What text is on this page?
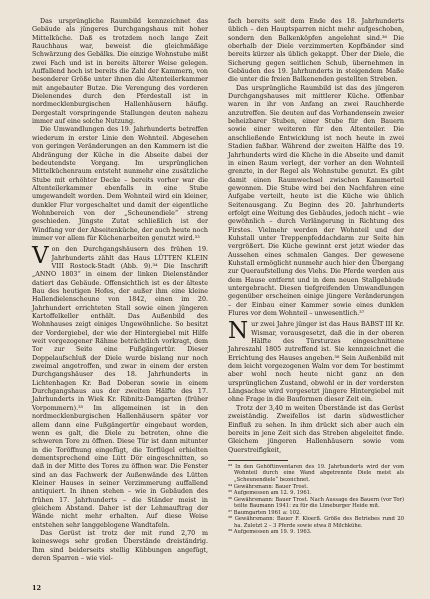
Das ursprüngliche Raumbild kennzeichnet das Gebäude als jüngeres Durchgangshaus mit hoher Mittelküche. Daß es trotzdem noch lange Zeit Rauchhaus war, beweist die gleichmäßige Schwärzung des Gebälks. Die einzige Wohnstube mißt zwei Fach und ist in bereits älterer Weise gelegen. Auffallend hoch ist bereits die Zahl der Kammern, von besonderer Größe unter ihnen die Altenteilerkammer mit angebauter Butze. Die Verengung des vorderen Dielenendes durch den Pferdestall ist in nordmecklenburgischen Hallenhäusern häufig. Dergestalt vorspringende Stallungen deuten nahezu immer auf eine solche Nutzung.

Die Umwandlungen des 19. Jahrhunderts betreffen wiederum in erster Linie den Wohnteil. Abgesehen von geringen Veränderungen an den Kammern ist die Abdrängung der Küche in die Abseite dabei der bedeutendste Vorgang. Im ursprünglichen Mittelküchenraum entsteht nunmehr eine zusätzliche Stube mit erhöhter Decke – bereits vorher war die Altenteilerkammer ebenfalls in eine Stube umgewandelt worden. Dem Wohnteil wird ein kleiner, dunkler Flur vorgeschaltet und damit der eigentliche Wohnbereich von der „Scheunendiele“ streng geschieden. Jüngste Zutat schließlich ist der Windfang vor der Abseitenküche, der auch heute noch immer vor allem für Küchenarbeiten genutzt wird.³³

Von den Durchgangshäusern des frühen 19. Jahrhunderts zählt das Haus LÜTTEN KLEIN VIII Rostock-Stadt (Abb. 9).³⁴ Die Inschrift „ANNO 1803“ in einem der linken Dielenständer datiert das Gebäude. Offensichtlich ist es der älteste Bau des heutigen Hofes, der außer ihm eine kleine Hallendielenscheune von 1842, einen im 20. Jahrhundert errichteten Stall sowie einen jüngeren Kartoffelkeller enthält. Das Außenbild des Wohnhauses zeigt einiges Ungewöhnliche. So besitzt der Vordergiebel, der wie der Hintergiebel mit Hilfe weit vorgezogener Rähme beträchtlich vorkragt, dem Tor zur Seite eine Fußgängertür. Dieser Doppelaufschluß der Diele wurde bislang nur noch zweimal angetroffen, und zwar in einem der ersten Durchgangshäuser des 18. Jahrhunderts in Lichtenhagen Kr. Bad Doberan sowie in einem Durchgangshaus aus der zweiten Hälfte des 17. Jahrhunderts in Wiek Kr. Ribnitz-Damgarten (früher Vorpommern).³⁵ Im allgemeinen ist in den nordmecklenburgischen Hallenhäusern später vor allem dann eine Fußgängertür eingebaut worden, wenn es galt, die Diele zu betreten, ohne die schweren Tore zu öffnen. Diese Tür ist dann mitunter in die Toröffnung eingefügt, die Torflügel erhielten dementsprechend eine Lütt Dör eingeschnitten, so daß in der Mitte des Tores zu öffnen war. Die Fenster sind an das Fachwerk der Außenwände des Lütten Kleiner Hauses in seiner Verzimmerung auffallend antiquiert. In ihnen stehen – wie in Gebäuden des frühen 17. Jahrhunderts – die Ständer meist in gleichem Abstand. Daher ist der Lehmauftrag der Wände nicht mehr erhalten. Auf diese Weise entstehen sehr langgeblogene Wandtafeln.

Das Gerüst ist trotz der mit rund 2,70 m keineswegs sehr großen Überstände dreiständrig. Ihm sind beiderseits stellig Kübbungen angefügt, deren Sparren – wie viel-

fach bereits seit dem Ende des 18. Jahrhunderts üblich – den Hauptsparren nicht mehr aufgeschoben, sondern den Balkenköpfen angelehnt sind.³⁶ Die oberhalb der Diele verzimmerten Kopfbänder sind bereits kürzer als üblich gekappt. Über der Diele, die Sicherung gegen seitlichen Schub, übernehmen in Gebäuden des 19. Jahrhunderts in steigendem Maße die unter die freien Balkenenden gestellten Streben.

Das ursprüngliche Raumbild ist das des jüngeren Durchgangshauses mit mittlerer Küche. Offenbar waren in ihr von Anfang an zwei Rauchherde anzutreffen. Sie deuten auf das Vorhandensein zweier beheizbarer Stuben, einer Stube für den Bauern sowie einer weiteren für den Altenteiler. Die anschließende Entwicklung ist noch heute in zwei Stadien faßbar. Während der zweiten Hälfte des 19. Jahrhunderts wird die Küche in die Abseite und damit in einen Raum verlegt, der vorher an den Wohnteil grenzte, in der Regel als Wohnstube genutzt. Es gibt damit einen Raumwechsel zwischen Kammerteil gewonnen. Die Stube wird bei den Nachfahren eine Aufgabe verteilt, heute ist die Küche wie üblich Seitenausgang. Zu Beginn des 20. Jahrhunderts erfolgt eine Weitung des Gebäudes, jedoch nicht – wie gewöhnlich – durch Verlängerung in Richtung des Firstes. Vielmehr werden der Wohnteil und der Kuhstall unter Treppenpfeddachdarm zur Seite hin vergrößert. Die Küche gewinnt erst jetzt wieder das Aussehen eines schmalen Ganges. Der gewesene Kuhstall ermöglicht nunmehr auch hier den Übergang zur Queraufstellung des Viehs. Die Pferde werden aus dem Hause entfernt und in dem neuen Stallgebäude untergebracht. Diesen tiefgreifenden Umwandlungen gegenüber erscheinen einige jüngere Veränderungen – der Einbau einer Kammer sowie eines dunklen Flures vor dem Wohnteil – unwesentlich.³⁷

Nur zwei Jahre jünger ist das Haus BABST III Kr. Wismar, vorausgesetzt, daß die in der oberen Hälfte des Türsturzes eingeschnittene Jahreszahl 1805 zutreffend ist. Sie kennzeichnet die Errichtung des Hauses angeben.³⁸ Sein Außenbild mit dem leicht vorgezogenen Walm vor dem Tor bestimmt aber wohl noch heute nicht ganz an den ursprünglichen Zustand, obwohl er in der vordersten Längsachse wird vorgesetzt jüngere Hintergiebel mit ohne Frage in die Bauformen dieser Zeit ein.

Trotz der 3,40 m weiten Überstände ist das Gerüst zweiständig. Zweifellos ist darin südwestlicher Einfluß zu sehen. In ihm drückt sich aber auch ein bereits in jene Zeit sich das Streben abgeleitet finde. Gleichem jüngeren Hallenhäusern sowie vom Querstreifigkeit,

³³ In den Gehöftinventaren des 19. Jahrhunderts wird der vom Wohnteil durch eine Wand abgetrennte Diele meist als „Scheunendiele“ bezeichnet.
³⁴ Gewährsmann: Bauer Trost.
³⁵ Aufgemessen am 12. 9. 1961.
³⁶ Gewährsmann: Bauer Trost. Nach Aussage des Bauern (vor Tor) teilte Baumann 1941: zu für die Lüneburger Heide mit.
³⁷ Baumgarten 1961 a: 102.
³⁸ Gewährsmann: Bauer F. Kloerß. Größe des Betriebes rund 20 ha. Zuletzt 2 – 3 Pferde sowie etwa 8 Milchkühe.
³⁹ Aufgemessen am 19. 9. 1963.
12
